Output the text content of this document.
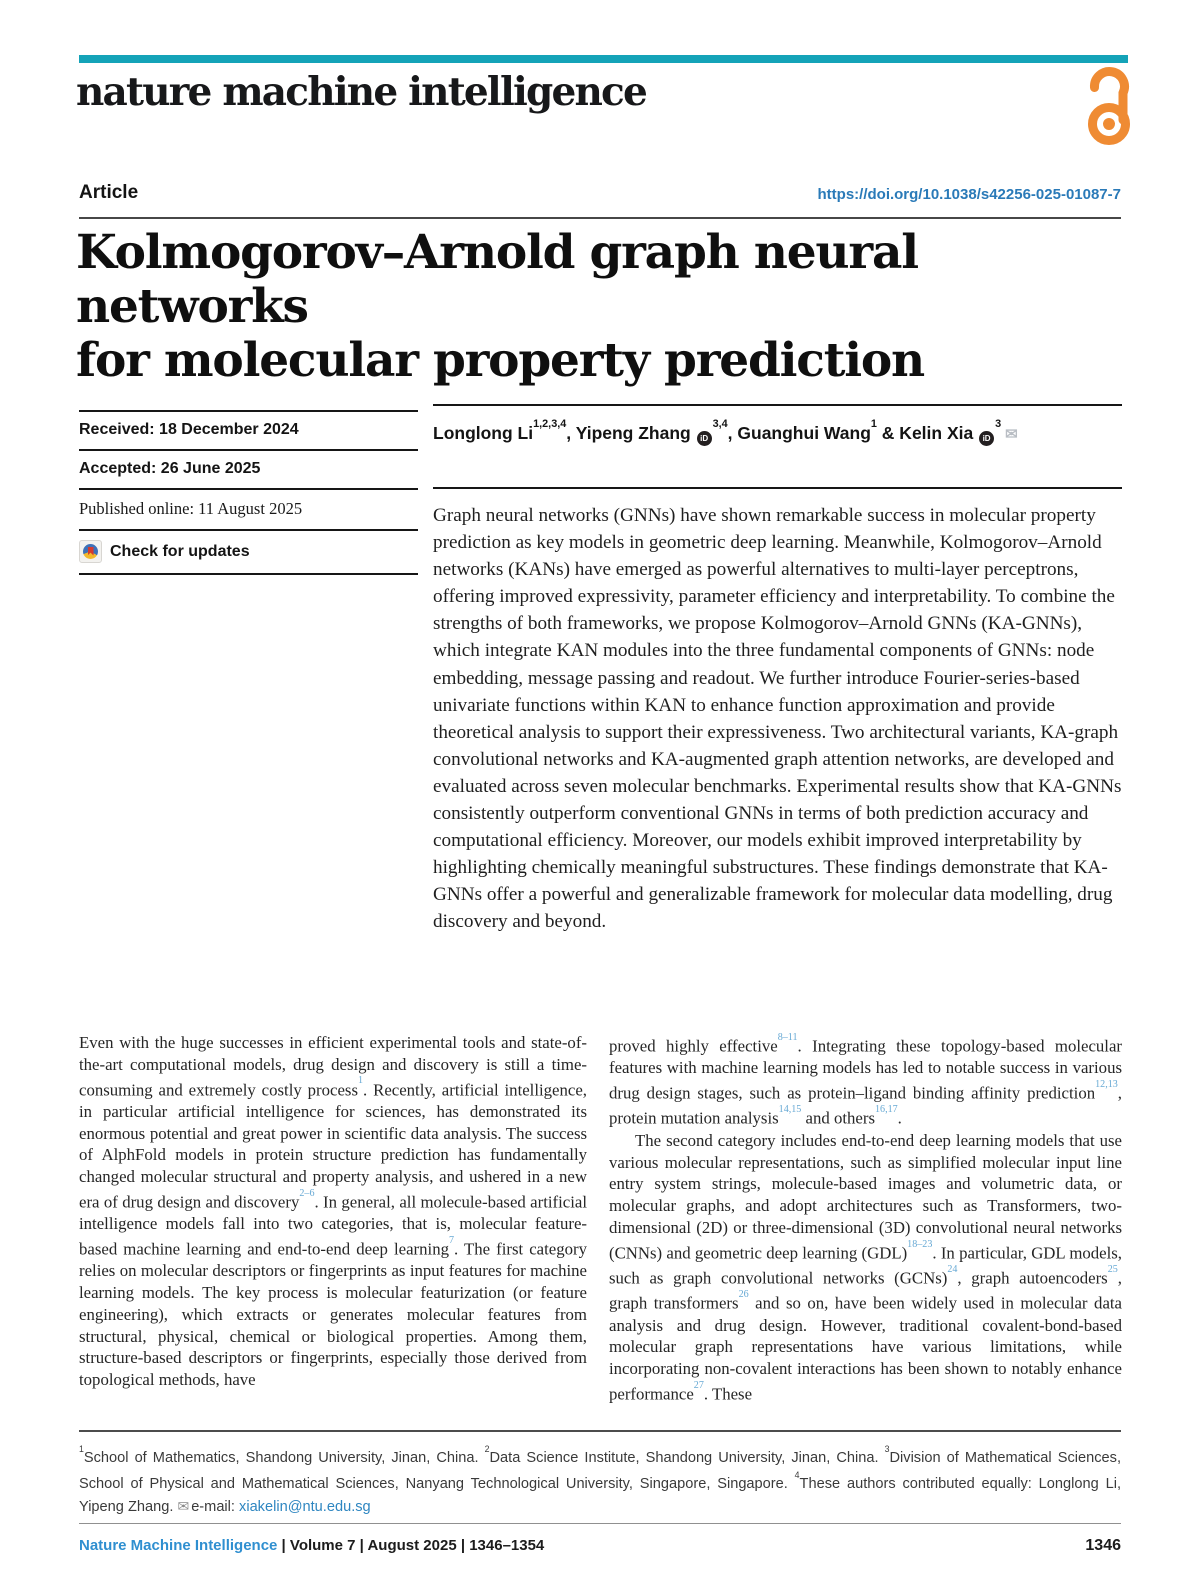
nature machine intelligence
Article	https://doi.org/10.1038/s42256-025-01087-7
Kolmogorov–Arnold graph neural networks
for molecular property prediction
Received: 18 December 2024
Accepted: 26 June 2025
Published online: 11 August 2025
Check for updates
Longlong Li$^{1,2,3,4}$, Yipeng Zhang iD$^{3,4}$, Guanghui Wang$^1$ & Kelin Xia iD$^3$✉
Graph neural networks (GNNs) have shown remarkable success in molecular property prediction as key models in geometric deep learning. Meanwhile, Kolmogorov–Arnold networks (KANs) have emerged as powerful alternatives to multi-layer perceptrons, offering improved expressivity, parameter efficiency and interpretability. To combine the strengths of both frameworks, we propose Kolmogorov–Arnold GNNs (KA-GNNs), which integrate KAN modules into the three fundamental components of GNNs: node embedding, message passing and readout. We further introduce Fourier-series-based univariate functions within KAN to enhance function approximation and provide theoretical analysis to support their expressiveness. Two architectural variants, KA-graph convolutional networks and KA-augmented graph attention networks, are developed and evaluated across seven molecular benchmarks. Experimental results show that KA-GNNs consistently outperform conventional GNNs in terms of both prediction accuracy and computational efficiency. Moreover, our models exhibit improved interpretability by highlighting chemically meaningful substructures. These findings demonstrate that KA-GNNs offer a powerful and generalizable framework for molecular data modelling, drug discovery and beyond.

Even with the huge successes in efficient experimental tools and state-of-the-art computational models, drug design and discovery is still a time-consuming and extremely costly process$^1$. Recently, artificial intelligence, in particular artificial intelligence for sciences, has demonstrated its enormous potential and great power in scientific data analysis. The success of AlphFold models in protein structure prediction has fundamentally changed molecular structural and property analysis, and ushered in a new era of drug design and discovery$^{2-6}$. In general, all molecule-based artificial intelligence models fall into two categories, that is, molecular feature-based machine learning and end-to-end deep learning$^7$. The first category relies on molecular descriptors or fingerprints as input features for machine learning models. The key process is molecular featurization (or feature engineering), which extracts or generates molecular features from structural, physical, chemical or biological properties. Among them, structure-based descriptors or fingerprints, especially those derived from topological methods, have

proved highly effective$^{8-11}$. Integrating these topology-based molecular features with machine learning models has led to notable success in various drug design stages, such as protein–ligand binding affinity prediction$^{12,13}$, protein mutation analysis$^{14,15}$ and others$^{16,17}$.

The second category includes end-to-end deep learning models that use various molecular representations, such as simplified molecular input line entry system strings, molecule-based images and volumetric data, or molecular graphs, and adopt architectures such as Transformers, two-dimensional (2D) or three-dimensional (3D) convolutional neural networks (CNNs) and geometric deep learning (GDL)$^{18-23}$. In particular, GDL models, such as graph convolutional networks (GCNs)$^{24}$, graph autoencoders$^{25}$, graph transformers$^{26}$ and so on, have been widely used in molecular data analysis and drug design. However, traditional covalent-bond-based molecular graph representations have various limitations, while incorporating non-covalent interactions has been shown to notably enhance performance$^{27}$. These

$^1$School of Mathematics, Shandong University, Jinan, China. $^2$Data Science Institute, Shandong University, Jinan, China. $^3$Division of Mathematical Sciences, School of Physical and Mathematical Sciences, Nanyang Technological University, Singapore, Singapore. $^4$These authors contributed equally: Longlong Li, Yipeng Zhang. ✉ e-mail: xiakelin@ntu.edu.sg
Nature Machine Intelligence | Volume 7 | August 2025 | 1346–1354	1346
